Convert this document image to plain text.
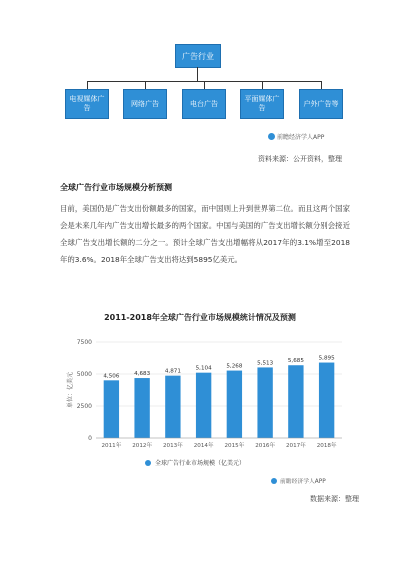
广告行业
电视媒体广告
网络广告	电台广告
平面媒体广告
户外广告等
前瞻经济学人APP
资料来源：公开资料，整理
全球广告行业市场规模分析预测

目前，美国仍是广告支出份额最多的国家，而中国则上升到世界第二位。而且这两个国家会是未来几年内广告支出增长最多的两个国家。中国与美国的广告支出增长额分别会接近全球广告支出增长额的二分之一。预计全球广告支出增幅将从2017年的3.1%增至2018年的3.6%。2018年全球广告支出将达到5895亿美元。

2011-2018年全球广告行业市场规模统计情况及预测
0
2500
5000
7500
单位：亿美元	4,506
2011年
4,683
2012年
4,871
2013年
5,104
2014年
5,268
2015年
5,513
2016年
5,685
2017年
5,895
2018年
全球广告行业市场规模（亿美元）
前瞻经济学人APP
数据来源：整理
